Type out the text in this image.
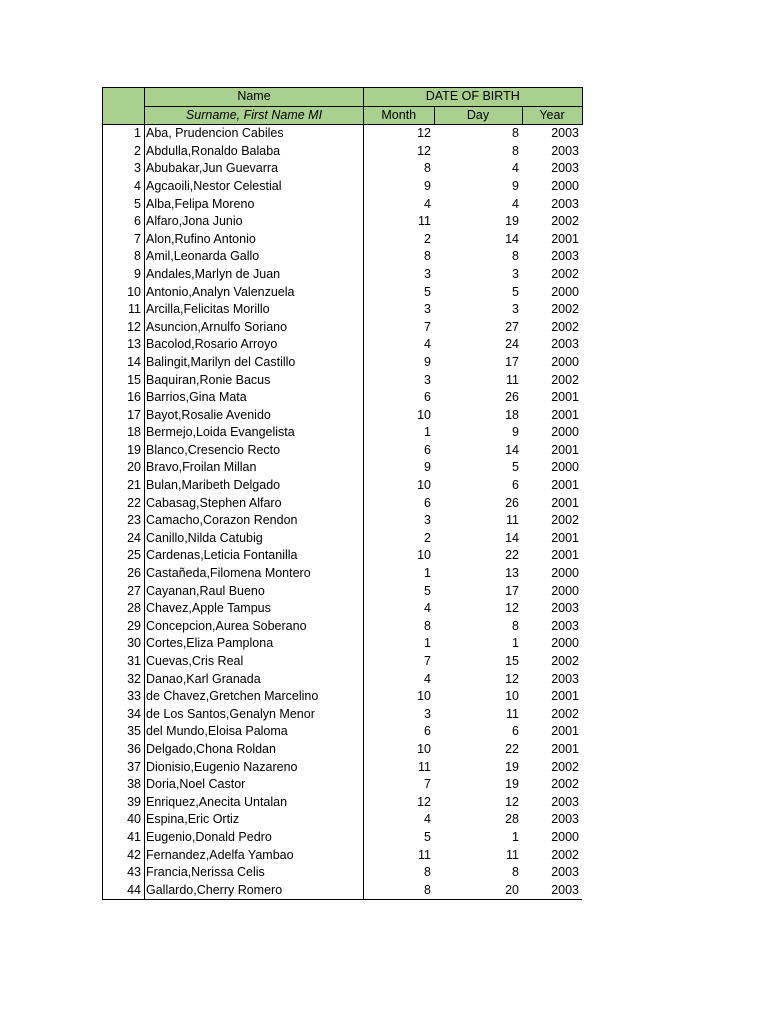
	Name	DATE OF BIRTH		
	Surname, First Name MI	Month	Day	Year
1	Aba, Prudencion Cabiles	12	8	2003
2	Abdulla,Ronaldo Balaba	12	8	2003
3	Abubakar,Jun Guevarra	8	4	2003
4	Agcaoili,Nestor Celestial	9	9	2000
5	Alba,Felipa Moreno	4	4	2003
6	Alfaro,Jona Junio	11	19	2002
7	Alon,Rufino Antonio	2	14	2001
8	Amil,Leonarda Gallo	8	8	2003
9	Andales,Marlyn de Juan	3	3	2002
10	Antonio,Analyn Valenzuela	5	5	2000
11	Arcilla,Felicitas Morillo	3	3	2002
12	Asuncion,Arnulfo Soriano	7	27	2002
13	Bacolod,Rosario Arroyo	4	24	2003
14	Balingit,Marilyn del Castillo	9	17	2000
15	Baquiran,Ronie Bacus	3	11	2002
16	Barrios,Gina Mata	6	26	2001
17	Bayot,Rosalie Avenido	10	18	2001
18	Bermejo,Loida Evangelista	1	9	2000
19	Blanco,Cresencio Recto	6	14	2001
20	Bravo,Froilan Millan	9	5	2000
21	Bulan,Maribeth Delgado	10	6	2001
22	Cabasag,Stephen Alfaro	6	26	2001
23	Camacho,Corazon Rendon	3	11	2002
24	Canillo,Nilda Catubig	2	14	2001
25	Cardenas,Leticia Fontanilla	10	22	2001
26	Castañeda,Filomena Montero	1	13	2000
27	Cayanan,Raul Bueno	5	17	2000
28	Chavez,Apple Tampus	4	12	2003
29	Concepcion,Aurea Soberano	8	8	2003
30	Cortes,Eliza Pamplona	1	1	2000
31	Cuevas,Cris Real	7	15	2002
32	Danao,Karl Granada	4	12	2003
33	de Chavez,Gretchen Marcelino	10	10	2001
34	de Los Santos,Genalyn Menor	3	11	2002
35	del Mundo,Eloisa Paloma	6	6	2001
36	Delgado,Chona Roldan	10	22	2001
37	Dionisio,Eugenio Nazareno	11	19	2002
38	Doria,Noel Castor	7	19	2002
39	Enriquez,Anecita Untalan	12	12	2003
40	Espina,Eric Ortiz	4	28	2003
41	Eugenio,Donald Pedro	5	1	2000
42	Fernandez,Adelfa Yambao	11	11	2002
43	Francia,Nerissa Celis	8	8	2003
44	Gallardo,Cherry Romero	8	20	2003
